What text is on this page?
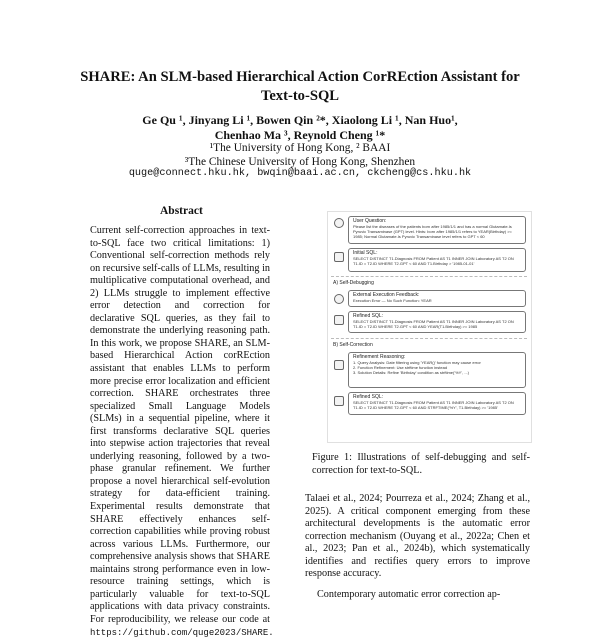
SHARE: An SLM-based Hierarchical Action CorREction Assistant for
Text-to-SQL
Ge Qu ¹, Jinyang Li ¹, Bowen Qin ²*, Xiaolong Li ¹, Nan Huo¹,
Chenhao Ma ³, Reynold Cheng ¹*
¹The University of Hong Kong, ² BAAI
³The Chinese University of Hong Kong, Shenzhen
quge@connect.hku.hk, bwqin@baai.ac.cn, ckcheng@cs.hku.hk
Abstract
Current self-correction approaches in text-to-SQL face two critical limitations: 1) Conventional self-correction methods rely on recursive self-calls of LLMs, resulting in multiplicative computational overhead, and 2) LLMs struggle to implement effective error detection and correction for declarative SQL queries, as they fail to demonstrate the underlying reasoning path. In this work, we propose SHARE, an SLM-based Hierarchical Action corREction assistant that enables LLMs to perform more precise error localization and efficient correction. SHARE orchestrates three specialized Small Language Models (SLMs) in a sequential pipeline, where it first transforms declarative SQL queries into stepwise action trajectories that reveal underlying reasoning, followed by a two-phase granular refinement. We further propose a novel hierarchical self-evolution strategy for data-efficient training. Experimental results demonstrate that SHARE effectively enhances self-correction capabilities while proving robust across various LLMs. Furthermore, our comprehensive analysis shows that SHARE maintains strong performance even in low-resource training settings, which is particularly valuable for text-to-SQL applications with data privacy constraints. For reproducibility, we release our code at https://github.com/quge2023/SHARE.
User Question:
Please list the diseases of the patients born after 1985/1/1 and has a normal Glutamate.Is Pyruvic Transaminase (GPT) level. Hints: born after 1985/1/1 refers to YEAR(Birthday) >= 1985; Normal Glutamate.Is Pyruvic Transaminase level refers to GPT < 60
Initial SQL:
SELECT DISTINCT T1.Diagnosis FROM Patient AS T1 INNER JOIN Laboratory AS T2 ON T1.ID = T2.ID WHERE T2.GPT < 60 AND T1.Birthday > '1985-01-01'
A) Self-Debugging
External Execution Feedback:
Execution Error — No Such Function: YEAR
Refined SQL:
SELECT DISTINCT T1.Diagnosis FROM Patient AS T1 INNER JOIN Laboratory AS T2 ON T1.ID = T2.ID WHERE T2.GPT < 60 AND YEAR(T1.Birthday) >= 1985
B) Self-Correction
Refinement Reasoning:
1. Query Analysis: Date filtering using 'YEAR()' function may cause error
2. Function Refinement: Use strftime function instead
3. Solution Details: Refine 'Birthday' condition as strftime('%Y', ...)
Refined SQL:
SELECT DISTINCT T1.Diagnosis FROM Patient AS T1 INNER JOIN Laboratory AS T2 ON T1.ID = T2.ID WHERE T2.GPT < 60 AND STRFTIME('%Y', T1.Birthday) >= '1985'
Figure 1: Illustrations of self-debugging and self-correction for text-to-SQL.

Talaei et al., 2024; Pourreza et al., 2024; Zhang et al., 2025). A critical component emerging from these architectural developments is the automatic error correction mechanism (Ouyang et al., 2022a; Chen et al., 2023; Pan et al., 2024b), which systematically identifies and rectifies query errors to improve response accuracy.

Contemporary automatic error correction ap-
